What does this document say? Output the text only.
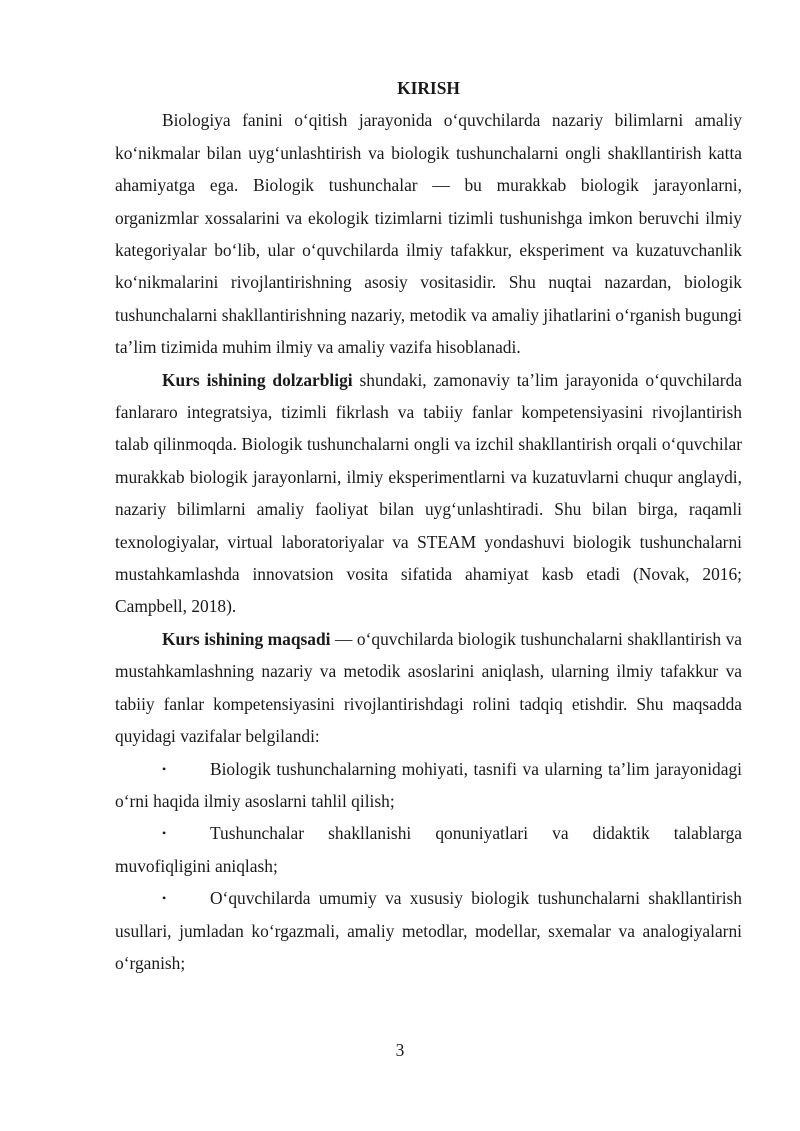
KIRISH

Biologiya fanini o‘qitish jarayonida o‘quvchilarda nazariy bilimlarni amaliy ko‘nikmalar bilan uyg‘unlashtirish va biologik tushunchalarni ongli shakllantirish katta ahamiyatga ega. Biologik tushunchalar — bu murakkab biologik jarayonlarni, organizmlar xossalarini va ekologik tizimlarni tizimli tushunishga imkon beruvchi ilmiy kategoriyalar bo‘lib, ular o‘quvchilarda ilmiy tafakkur, eksperiment va kuzatuvchanlik ko‘nikmalarini rivojlantirishning asosiy vositasidir. Shu nuqtai nazardan, biologik tushunchalarni shakllantirishning nazariy, metodik va amaliy jihatlarini o‘rganish bugungi ta’lim tizimida muhim ilmiy va amaliy vazifa hisoblanadi.

Kurs ishining dolzarbligi shundaki, zamonaviy ta’lim jarayonida o‘quvchilarda fanlararo integratsiya, tizimli fikrlash va tabiiy fanlar kompetensiyasini rivojlantirish talab qilinmoqda. Biologik tushunchalarni ongli va izchil shakllantirish orqali o‘quvchilar murakkab biologik jarayonlarni, ilmiy eksperimentlarni va kuzatuvlarni chuqur anglaydi, nazariy bilimlarni amaliy faoliyat bilan uyg‘unlashtiradi. Shu bilan birga, raqamli texnologiyalar, virtual laboratoriyalar va STEAM yondashuvi biologik tushunchalarni mustahkamlashda innovatsion vosita sifatida ahamiyat kasb etadi (Novak, 2016; Campbell, 2018).

Kurs ishining maqsadi — o‘quvchilarda biologik tushunchalarni shakllantirish va mustahkamlashning nazariy va metodik asoslarini aniqlash, ularning ilmiy tafakkur va tabiiy fanlar kompetensiyasini rivojlantirishdagi rolini tadqiq etishdir. Shu maqsadda quyidagi vazifalar belgilandi:

•	Biologik tushunchalarning mohiyati, tasnifi va ularning ta’lim jarayonidagi o‘rni haqida ilmiy asoslarni tahlil qilish;

•	Tushunchalar shakllanishi qonuniyatlari va didaktik talablarga muvofiqligini aniqlash;

•	O‘quvchilarda umumiy va xususiy biologik tushunchalarni shakllantirish usullari, jumladan ko‘rgazmali, amaliy metodlar, modellar, sxemalar va analogiyalarni o‘rganish;

3
